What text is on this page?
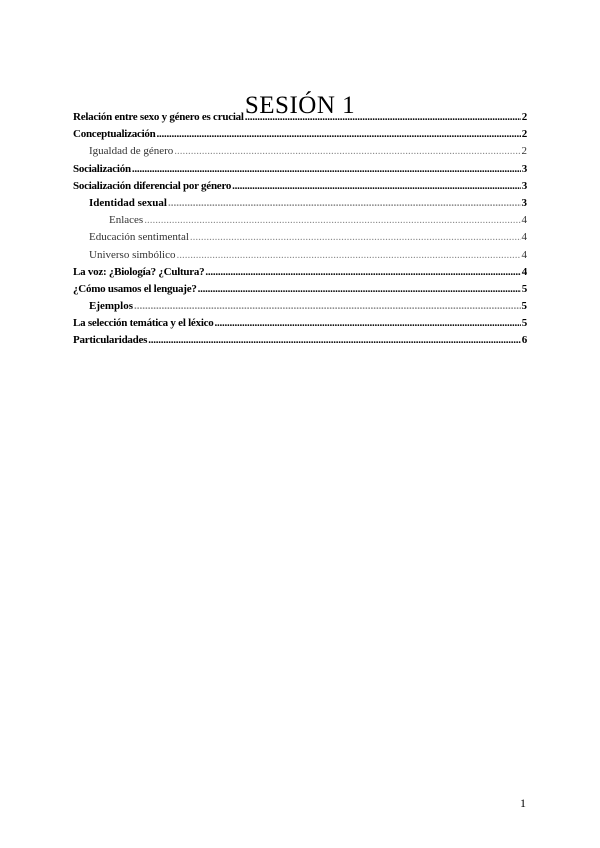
SESIÓN 1
Relación entre sexo y género es crucial .....	2
Conceptualización .....	2
Igualdad de género .....	2
Socialización .....	3
Socialización diferencial por género .....	3
Identidad sexual .....	3
Enlaces .....	4
Educación sentimental .....	4
Universo simbólico .....	4
La voz: ¿Biología? ¿Cultura? .....	4
¿Cómo usamos el lenguaje? .....	5
Ejemplos .....	5
La selección temática y el léxico .....	5
Particularidades .....	6
1
